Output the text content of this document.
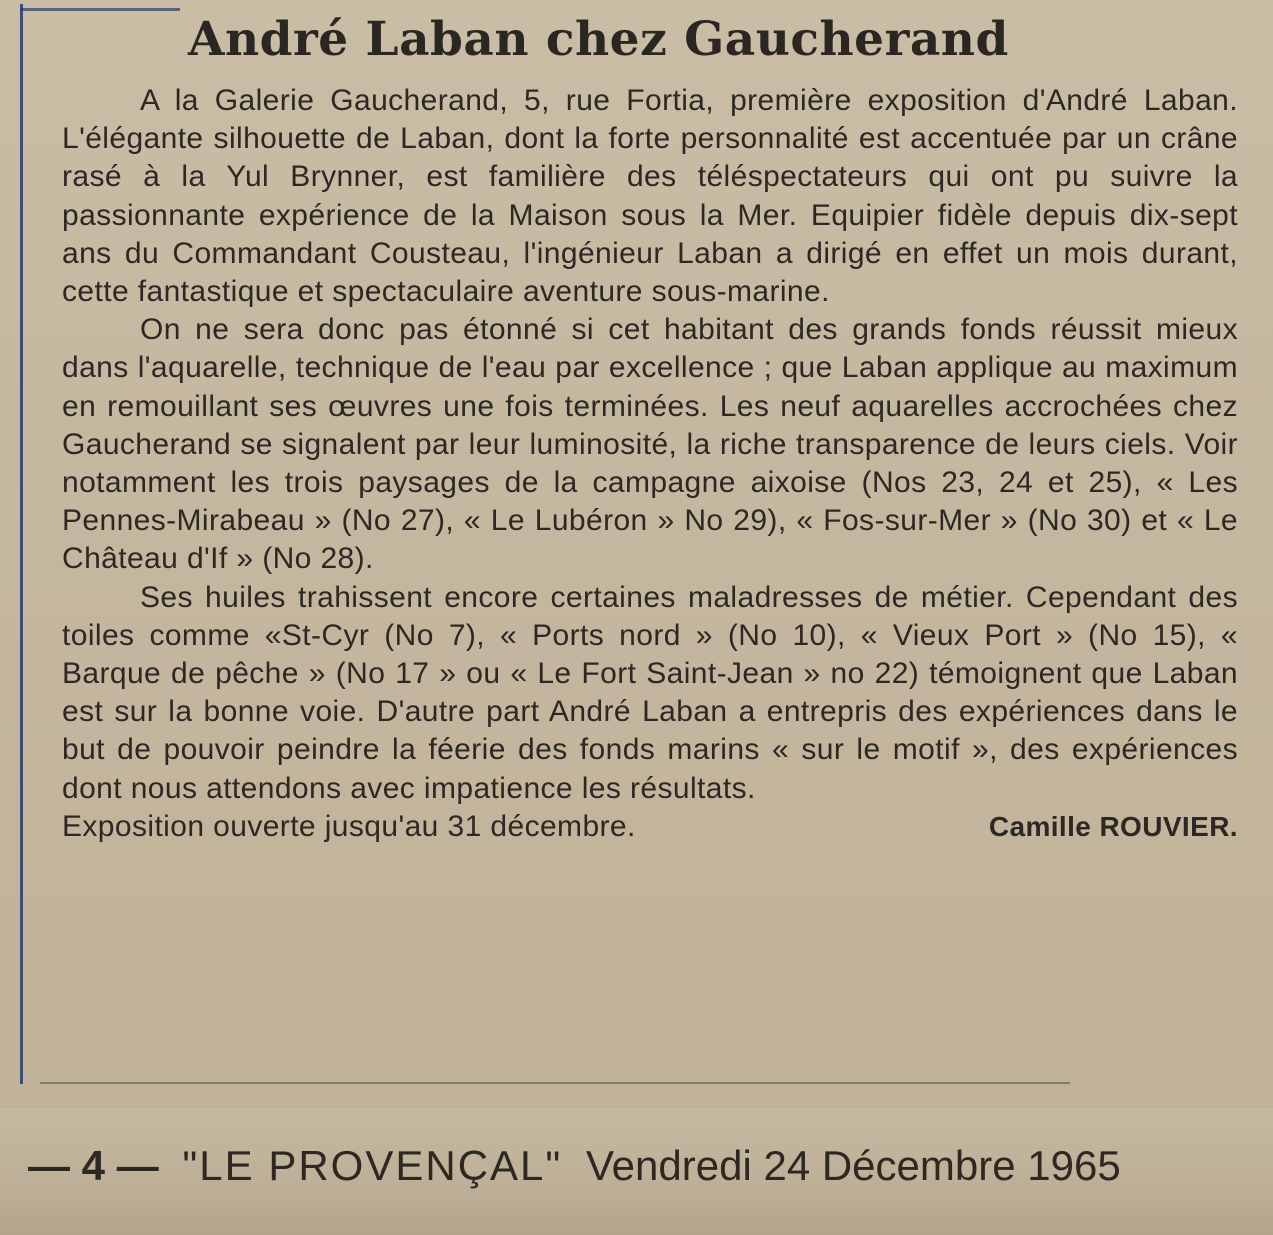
André Laban chez Gaucherand

A la Galerie Gaucherand, 5, rue Fortia, première exposition d'André Laban. L'élégante silhouette de Laban, dont la forte personnalité est accentuée par un crâne rasé à la Yul Brynner, est familière des téléspectateurs qui ont pu suivre la passionnante expérience de la Maison sous la Mer. Equipier fidèle depuis dix-sept ans du Commandant Cousteau, l'ingénieur Laban a dirigé en effet un mois durant, cette fantastique et spectaculaire aventure sous-marine.

On ne sera donc pas étonné si cet habitant des grands fonds réussit mieux dans l'aquarelle, technique de l'eau par excellence ; que Laban applique au maximum en remouillant ses œuvres une fois terminées. Les neuf aquarelles accrochées chez Gaucherand se signalent par leur luminosité, la riche transparence de leurs ciels. Voir notamment les trois paysages de la campagne aixoise (Nos 23, 24 et 25), « Les Pennes-Mirabeau » (No 27), « Le Lubéron » No 29), « Fos-sur-Mer » (No 30) et « Le Château d'If » (No 28).

Ses huiles trahissent encore certaines maladresses de métier. Cependant des toiles comme «St-Cyr (No 7), « Ports nord » (No 10), « Vieux Port » (No 15), « Barque de pêche » (No 17 » ou « Le Fort Saint-Jean » no 22) témoignent que Laban est sur la bonne voie. D'autre part André Laban a entrepris des expériences dans le but de pouvoir peindre la féerie des fonds marins « sur le motif », des expériences dont nous attendons avec impatience les résultats.

Exposition ouverte jusqu'au 31 décembre.	Camille ROUVIER.
— 4 — "LE PROVENÇAL" Vendredi 24 Décembre 1965
